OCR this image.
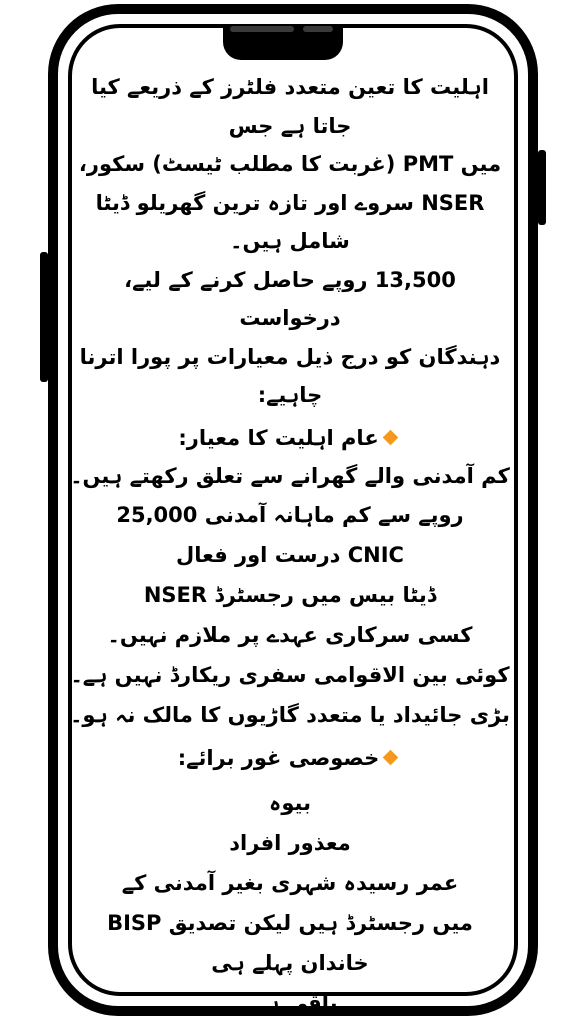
اہلیت کا تعین متعدد فلٹرز کے ذریعے کیا جاتا ہے جس

میں PMT (غربت کا مطلب ٹیسٹ) سکور،

NSER سروے اور تازہ ترین گھریلو ڈیٹا شامل ہیں۔

13,500 روپے حاصل کرنے کے لیے، درخواست

دہندگان کو درج ذیل معیارات پر پورا اترنا چاہیے:

عام اہلیت کا معیار:

کم آمدنی والے گھرانے سے تعلق رکھتے ہیں۔

روپے سے کم ماہانہ آمدنی 25,000

CNIC درست اور فعال

ڈیٹا بیس میں رجسٹرڈ NSER

کسی سرکاری عہدے پر ملازم نہیں۔

کوئی بین الاقوامی سفری ریکارڈ نہیں ہے۔

بڑی جائیداد یا متعدد گاڑیوں کا مالک نہ ہو۔

خصوصی غور برائے:

بیوہ

معذور افراد

عمر رسیدہ شہری بغیر آمدنی کے

میں رجسٹرڈ ہیں لیکن تصدیق BISP خاندان پہلے ہی

باقی ہے۔
